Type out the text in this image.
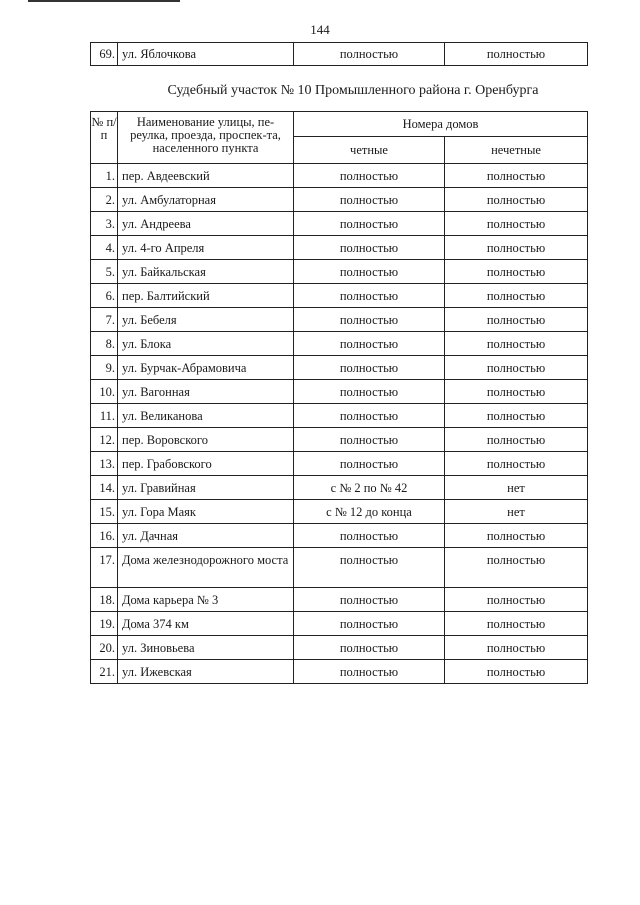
144
69.	ул. Яблочкова	полностью	полностью
Судебный участок № 10 Промышленного района г. Оренбурга
№ п/п	Наименование улицы, пе-реулка, проезда, проспек-та, населенного пункта	Номера домов	
		четные	нечетные
1.	пер. Авдеевский	полностью	полностью
2.	ул. Амбулаторная	полностью	полностью
3.	ул. Андреева	полностью	полностью
4.	ул. 4-го Апреля	полностью	полностью
5.	ул. Байкальская	полностью	полностью
6.	пер. Балтийский	полностью	полностью
7.	ул. Бебеля	полностью	полностью
8.	ул. Блока	полностью	полностью
9.	ул. Бурчак-Абрамовича	полностью	полностью
10.	ул. Вагонная	полностью	полностью
11.	ул. Великанова	полностью	полностью
12.	пер. Воровского	полностью	полностью
13.	пер. Грабовского	полностью	полностью
14.	ул. Гравийная	с № 2 по № 42	нет
15.	ул. Гора Маяк	с № 12 до конца	нет
16.	ул. Дачная	полностью	полностью
17.	Дома железнодорожного моста	полностью	полностью
18.	Дома карьера № 3	полностью	полностью
19.	Дома 374 км	полностью	полностью
20.	ул. Зиновьева	полностью	полностью
21.	ул. Ижевская	полностью	полностью
